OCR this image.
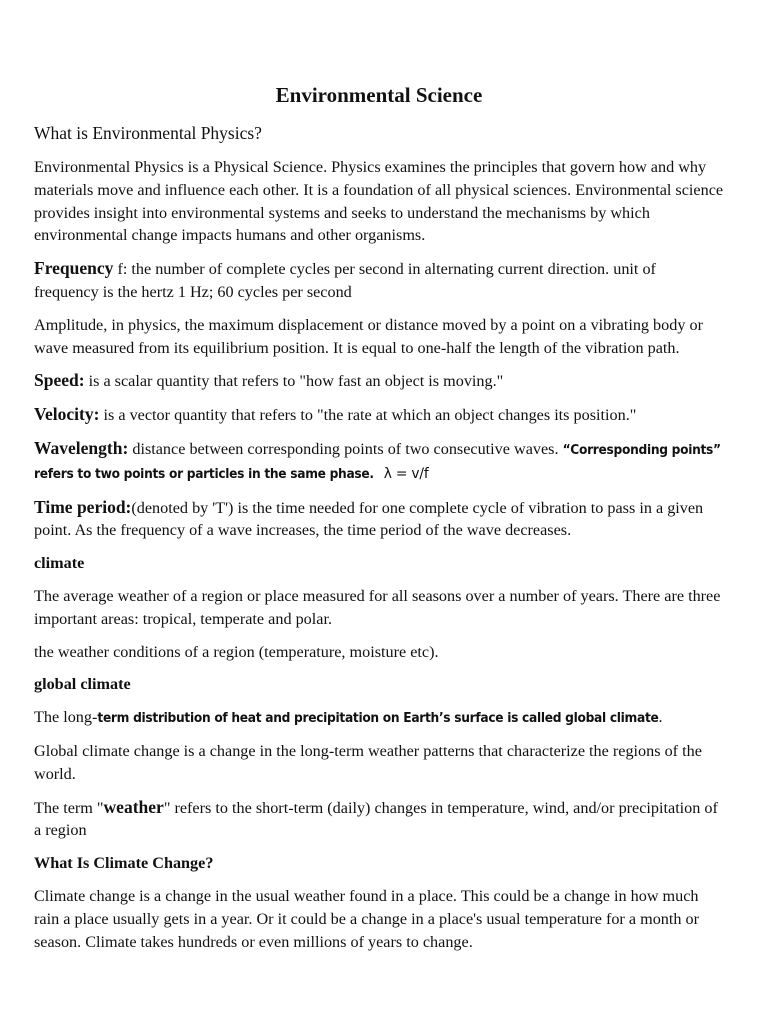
Environmental Science
What is Environmental Physics?

Environmental Physics is a Physical Science. Physics examines the principles that govern how and why materials move and influence each other. It is a foundation of all physical sciences. Environmental science provides insight into environmental systems and seeks to understand the mechanisms by which environmental change impacts humans and other organisms.

Frequency f: the number of complete cycles per second in alternating current direction. unit of frequency is the hertz 1 Hz; 60 cycles per second

Amplitude, in physics, the maximum displacement or distance moved by a point on a vibrating body or wave measured from its equilibrium position. It is equal to one-half the length of the vibration path.

Speed: is a scalar quantity that refers to "how fast an object is moving."

Velocity: is a vector quantity that refers to "the rate at which an object changes its position."

Wavelength: distance between corresponding points of two consecutive waves. “Corresponding points” refers to two points or particles in the same phase. λ = v/f

Time period:(denoted by 'T') is the time needed for one complete cycle of vibration to pass in a given point. As the frequency of a wave increases, the time period of the wave decreases.

climate

The average weather of a region or place measured for all seasons over a number of years. There are three important areas: tropical, temperate and polar.

the weather conditions of a region (temperature, moisture etc).

global climate

The long-term distribution of heat and precipitation on Earth’s surface is called global climate.

Global climate change is a change in the long-term weather patterns that characterize the regions of the world.

The term "weather" refers to the short-term (daily) changes in temperature, wind, and/or precipitation of a region

What Is Climate Change?

Climate change is a change in the usual weather found in a place. This could be a change in how much rain a place usually gets in a year. Or it could be a change in a place's usual temperature for a month or season. Climate takes hundreds or even millions of years to change.
